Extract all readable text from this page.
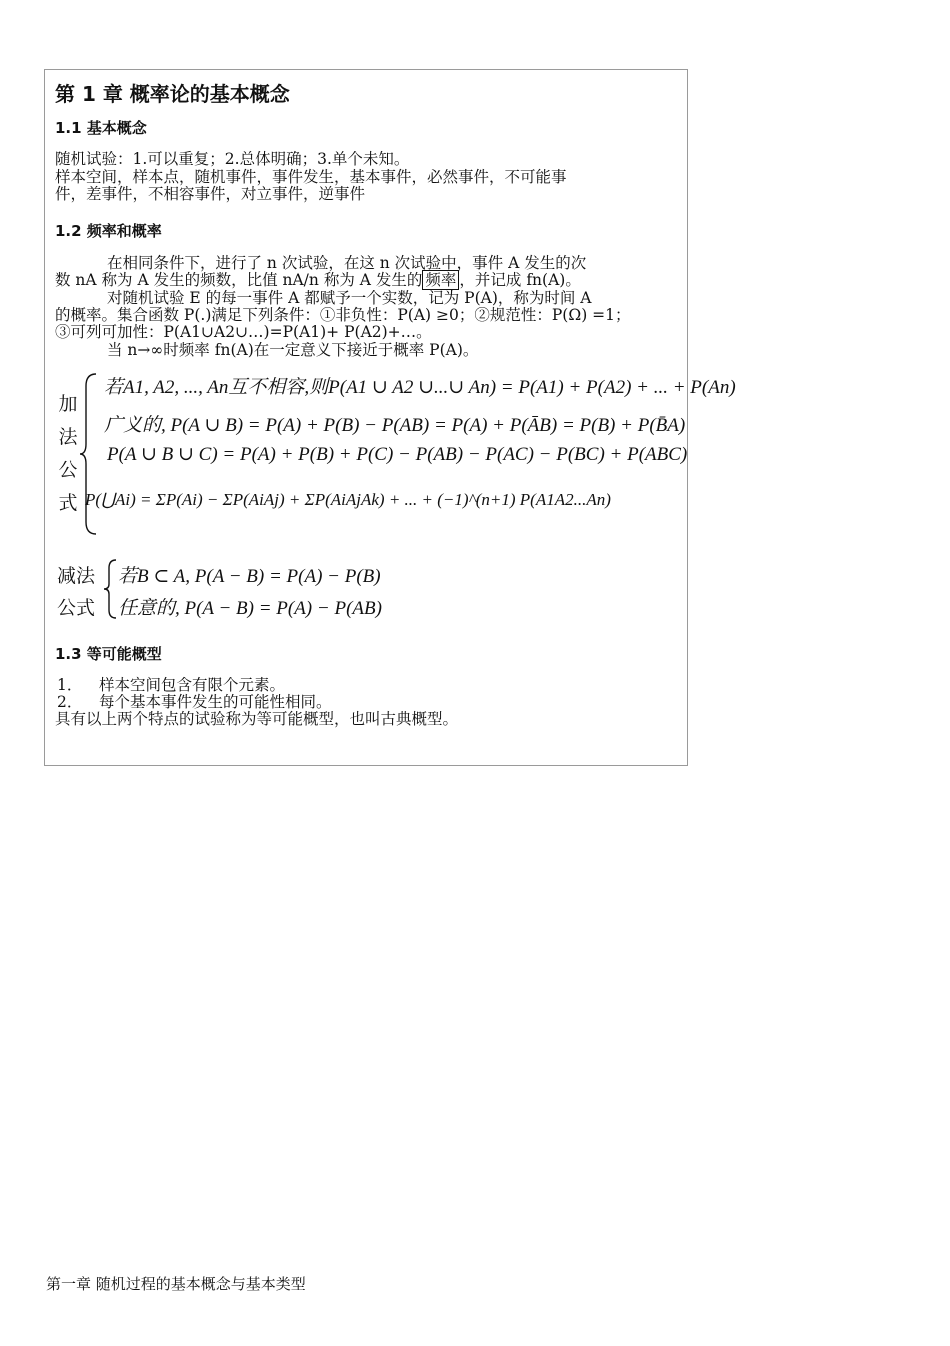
第 1 章 概率论的基本概念
1.1 基本概念
随机试验：1.可以重复；2.总体明确；3.单个未知。
样本空间，样本点，随机事件，事件发生，基本事件，必然事件，不可能事
件，差事件，不相容事件，对立事件，逆事件
1.2 频率和概率
在相同条件下，进行了 n 次试验，在这 n 次试验中，事件 A 发生的次
数 nA 称为 A 发生的频数，比值 nA/n 称为 A 发生的 频率 ，并记成 fn(A)。
对随机试验 E 的每一事件 A 都赋予一个实数，记为 P(A)，称为时间 A
的概率。集合函数 P(.)满足下列条件：①非负性：P(A) ≥0；②规范性：P(Ω) =1；
③可列可加性：P(A1∪A2∪…)=P(A1)+ P(A2)+…。
当 n→∞时频率 fn(A)在一定意义下接近于概率 P(A)。
加
法
公
式
若A1, A2, ..., An互不相容,则P(A1 ∪ A2 ∪...∪ An) = P(A1) + P(A2) + ... + P(An)
广义的, P(A ∪ B) = P(A) + P(B) − P(AB) = P(A) + P(ĀB) = P(B) + P(B̄A)
P(A ∪ B ∪ C) = P(A) + P(B) + P(C) − P(AB) − P(AC) − P(BC) + P(ABC)
P(⋃Ai) = ΣP(Ai) − ΣP(AiAj) + ΣP(AiAjAk) + ... + (−1)^(n+1) P(A1A2...An)
减法
公式
若B ⊂ A, P(A − B) = P(A) − P(B)
任意的, P(A − B) = P(A) − P(AB)
1.3 等可能概型
1． 样本空间包含有限个元素。
2． 每个基本事件发生的可能性相同。
具有以上两个特点的试验称为等可能概型，也叫古典概型。
第一章 随机过程的基本概念与基本类型
